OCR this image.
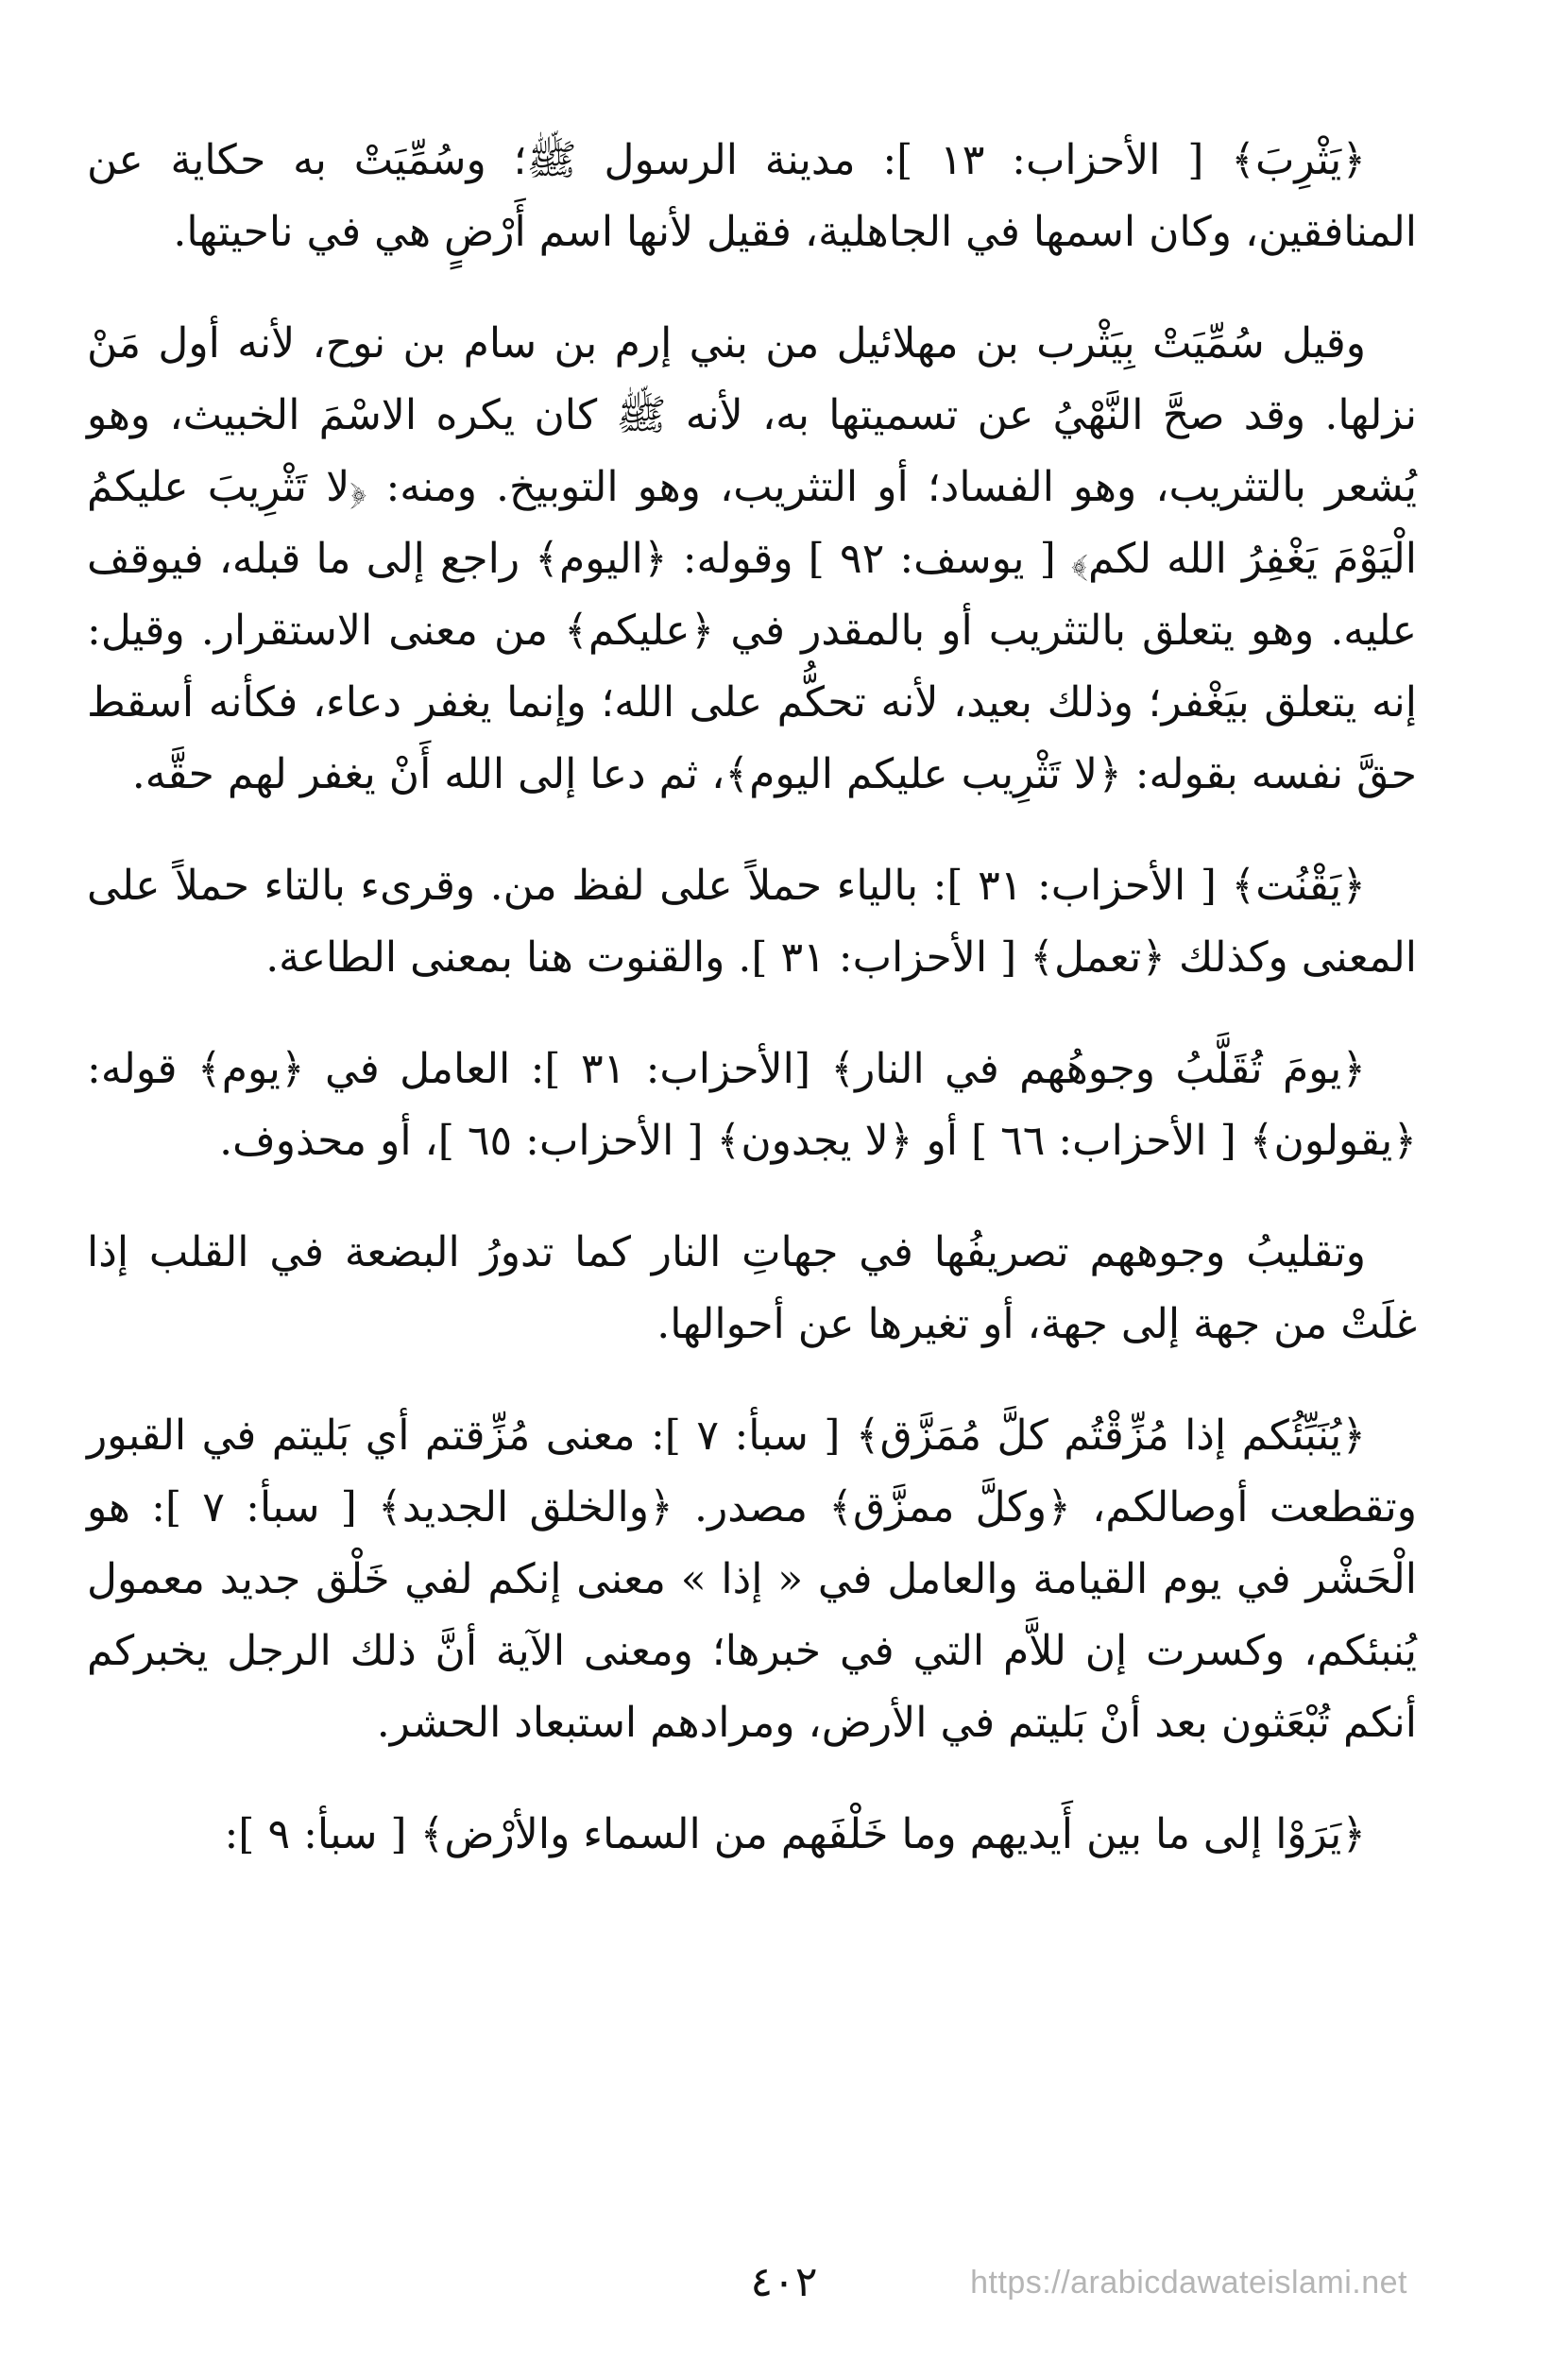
﴿يَثْرِبَ﴾ [ الأحزاب: ١٣ ]: مدينة الرسول ﷺ؛ وسُمِّيَتْ به حكاية عن المنافقين، وكان اسمها في الجاهلية، فقيل لأنها اسم أَرْضٍ هي في ناحيتها.

وقيل سُمِّيَتْ بِيَثْرب بن مهلائيل من بني إرم بن سام بن نوح، لأنه أول مَنْ نزلها. وقد صحَّ النَّهْيُ عن تسميتها به، لأنه ﷺ كان يكره الاسْمَ الخبيث، وهو يُشعر بالتثريب، وهو الفساد؛ أو التثريب، وهو التوبيخ. ومنه: ﴿لا تَثْرِيبَ عليكمُ الْيَوْمَ يَغْفِرُ الله لكم﴾ [ يوسف: ٩٢ ] وقوله: ﴿اليوم﴾ راجع إلى ما قبله، فيوقف عليه. وهو يتعلق بالتثريب أو بالمقدر في ﴿عليكم﴾ من معنى الاستقرار. وقيل: إنه يتعلق بيَغْفر؛ وذلك بعيد، لأنه تحكُّم على الله؛ وإنما يغفر دعاء، فكأنه أسقط حقَّ نفسه بقوله: ﴿لا تَثْرِيب عليكم اليوم﴾، ثم دعا إلى الله أَنْ يغفر لهم حقَّه.

﴿يَقْنُت﴾ [ الأحزاب: ٣١ ]: بالياء حملاً على لفظ من. وقرىء بالتاء حملاً على المعنى وكذلك ﴿تعمل﴾ [ الأحزاب: ٣١ ]. والقنوت هنا بمعنى الطاعة.

﴿يومَ تُقَلَّبُ وجوهُهم في النار﴾ [الأحزاب: ٣١ ]: العامل في ﴿يوم﴾ قوله: ﴿يقولون﴾ [ الأحزاب: ٦٦ ] أو ﴿لا يجدون﴾ [ الأحزاب: ٦٥ ]، أو محذوف.

وتقليبُ وجوههم تصريفُها في جهاتِ النار كما تدورُ البضعة في القلب إذا غلَتْ من جهة إلى جهة، أو تغيرها عن أحوالها.

﴿يُنَبِّئُكم إذا مُزِّقْتُم كلَّ مُمَزَّق﴾ [ سبأ: ٧ ]: معنى مُزِّقتم أي بَليتم في القبور وتقطعت أوصالكم، ﴿وكلَّ ممزَّق﴾ مصدر. ﴿والخلق الجديد﴾ [ سبأ: ٧ ]: هو الْحَشْر في يوم القيامة والعامل في « إذا » معنى إنكم لفي خَلْق جديد معمول يُنبئكم، وكسرت إن للاَّم التي في خبرها؛ ومعنى الآية أنَّ ذلك الرجل يخبركم أنكم تُبْعَثون بعد أنْ بَليتم في الأرض، ومرادهم استبعاد الحشر.

﴿يَرَوْا إلى ما بين أَيديهم وما خَلْفَهم من السماء والأرْض﴾ [ سبأ: ٩ ]:

٤٠٢	https://arabicdawateislami.net
